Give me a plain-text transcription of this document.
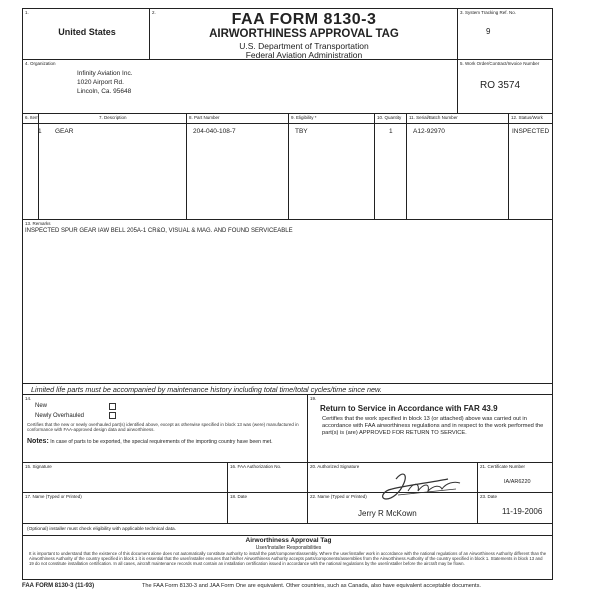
1.
United States
2.	FAA FORM 8130-3
AIRWORTHINESS APPROVAL TAG
U.S. Department of Transportation
Federal Aviation Administration
3. System Tracking Ref. No.
9
4. Organization
Infinity Aviation Inc.
1020 Airport Rd.
Lincoln, Ca. 95648
5. Work Order/Contract/Invoice Number
RO 3574
6. Item	7. Description	8. Part Number	9. Eligibility *	10. Quantity 11. Serial/Batch Number	12. Status/Work
1 GEAR	204-040-108-7	TBY	1	A12-92970	INSPECTED
13. Remarks
INSPECTED SPUR GEAR IAW BELL 205A-1 CR&O, VISUAL & MAG. AND FOUND SERVICEABLE
Limited life parts must be accompanied by maintenance history including total time/total cycles/time since new.
14.
New
Newly Overhauled
Certifies that the new or newly overhauled part(s) identified above, except as otherwise specified in block 13 was (were) manufactured in conformance with FAA-approved design data and airworthiness.
Notes: In case of parts to be exported, the special requirements of the importing country have been met.
19.
Return to Service in Accordance with FAR 43.9
Certifies that the work specified in block 13 (or attached) above was carried out in accordance with FAA airworthiness regulations and in respect to the work performed the part(s) is (are) APPROVED FOR RETURN TO SERVICE.
15. Signature	16. FAA Authorization No.	20. Authorized Signature	21. Certificate Number
IA/AR6220
17. Name (Typed or Printed)	18. Date	22. Name (Typed or Printed)
Jerry R McKown
23. Date
11-19-2006
(Optional) installer must check eligibility with applicable technical data.
Airworthiness Approval Tag
User/Installer Responsibilities
It is important to understand that the existence of this document alone does not automatically constitute authority to install the part/component/assembly. Where the user/installer work in accordance with the national regulations of an Airworthiness Authority different than the Airworthiness Authority of the country specified in block 1 it is essential that the user/installer ensures that his/her Airworthiness Authority accepts parts/components/assemblies from the Airworthiness Authority of the country specified in block 1. Statements in block 13 and 19 do not constitute installation certification. In all cases, aircraft maintenance records must contain an installation certification issued in accordance with the national regulations by the user/installer before the aircraft may be flown.
FAA FORM 8130-3 (11-93)	The FAA Form 8130-3 and JAA Form One are equivalent. Other countries, such as Canada, also have equivalent acceptable documents.
